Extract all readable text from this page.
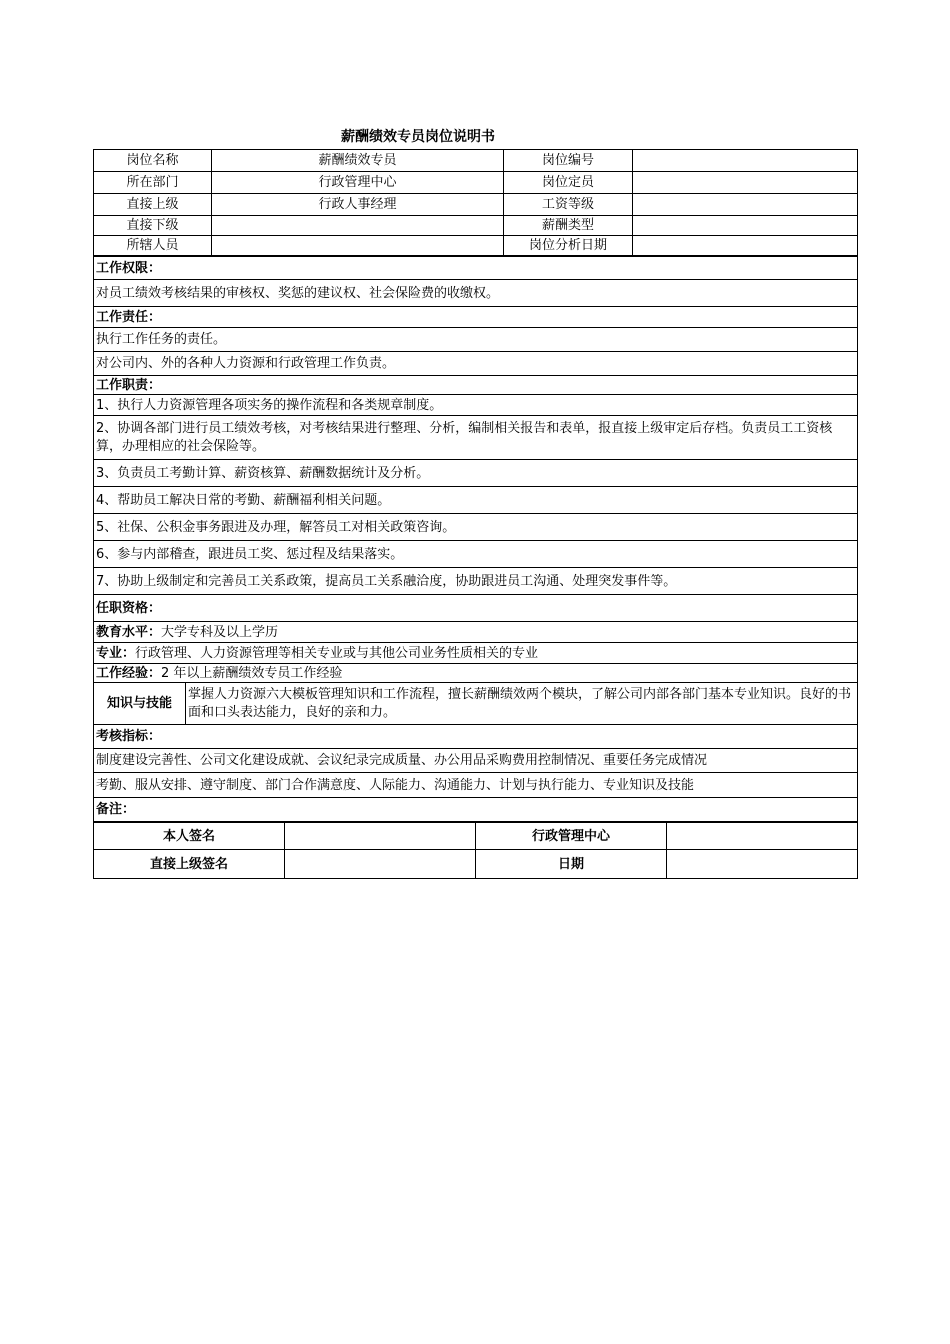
薪酬绩效专员岗位说明书
岗位名称	薪酬绩效专员	岗位编号	
所在部门	行政管理中心	岗位定员	
直接上级	行政人事经理	工资等级	
直接下级		薪酬类型	
所辖人员		岗位分析日期	
工作权限：
对员工绩效考核结果的审核权、奖惩的建议权、社会保险费的收缴权。
工作责任：
执行工作任务的责任。
对公司内、外的各种人力资源和行政管理工作负责。
工作职责：
1、执行人力资源管理各项实务的操作流程和各类规章制度。
2、协调各部门进行员工绩效考核，对考核结果进行整理、分析，编制相关报告和表单，报直接上级审定后存档。负责员工工资核算，办理相应的社会保险等。
3、负责员工考勤计算、薪资核算、薪酬数据统计及分析。
4、帮助员工解决日常的考勤、薪酬福利相关问题。
5、社保、公积金事务跟进及办理，解答员工对相关政策咨询。
6、参与内部稽查，跟进员工奖、惩过程及结果落实。
7、协助上级制定和完善员工关系政策，提高员工关系融洽度，协助跟进员工沟通、处理突发事件等。
任职资格：
教育水平：大学专科及以上学历
专业：行政管理、人力资源管理等相关专业或与其他公司业务性质相关的专业
工作经验：2 年以上薪酬绩效专员工作经验
知识与技能	掌握人力资源六大模板管理知识和工作流程，擅长薪酬绩效两个模块，了解公司内部各部门基本专业知识。良好的书面和口头表达能力，良好的亲和力。
考核指标：
制度建设完善性、公司文化建设成就、会议纪录完成质量、办公用品采购费用控制情况、重要任务完成情况
考勤、服从安排、遵守制度、部门合作满意度、人际能力、沟通能力、计划与执行能力、专业知识及技能
备注：
本人签名		行政管理中心	
直接上级签名		日期	
